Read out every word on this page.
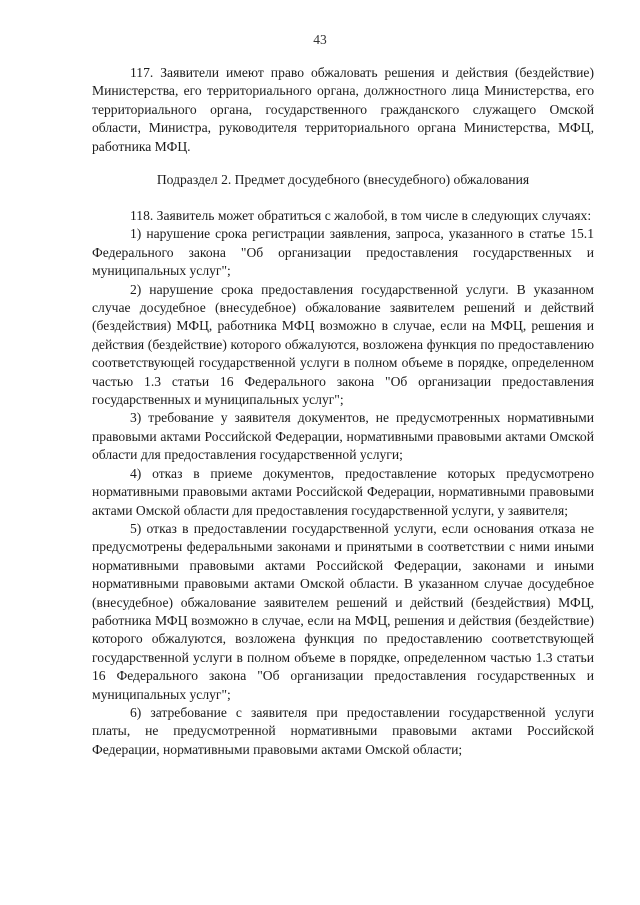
43

117. Заявители имеют право обжаловать решения и действия (бездействие) Министерства, его территориального органа, должностного лица Министерства, его территориального органа, государственного гражданского служащего Омской области, Министра, руководителя территориального органа Министерства, МФЦ, работника МФЦ.

Подраздел 2. Предмет досудебного (внесудебного) обжалования

118. Заявитель может обратиться с жалобой, в том числе в следующих случаях:

1) нарушение срока регистрации заявления, запроса, указанного в статье 15.1 Федерального закона "Об организации предоставления государственных и муниципальных услуг";

2) нарушение срока предоставления государственной услуги. В указанном случае досудебное (внесудебное) обжалование заявителем решений и действий (бездействия) МФЦ, работника МФЦ возможно в случае, если на МФЦ, решения и действия (бездействие) которого обжалуются, возложена функция по предоставлению соответствующей государственной услуги в полном объеме в порядке, определенном частью 1.3 статьи 16 Федерального закона "Об организации предоставления государственных и муниципальных услуг";

3) требование у заявителя документов, не предусмотренных нормативными правовыми актами Российской Федерации, нормативными правовыми актами Омской области для предоставления государственной услуги;

4) отказ в приеме документов, предоставление которых предусмотрено нормативными правовыми актами Российской Федерации, нормативными правовыми актами Омской области для предоставления государственной услуги, у заявителя;

5) отказ в предоставлении государственной услуги, если основания отказа не предусмотрены федеральными законами и принятыми в соответствии с ними иными нормативными правовыми актами Российской Федерации, законами и иными нормативными правовыми актами Омской области. В указанном случае досудебное (внесудебное) обжалование заявителем решений и действий (бездействия) МФЦ, работника МФЦ возможно в случае, если на МФЦ, решения и действия (бездействие) которого обжалуются, возложена функция по предоставлению соответствующей государственной услуги в полном объеме в порядке, определенном частью 1.3 статьи 16 Федерального закона "Об организации предоставления государственных и муниципальных услуг";

6) затребование с заявителя при предоставлении государственной услуги платы, не предусмотренной нормативными правовыми актами Российской Федерации, нормативными правовыми актами Омской области;
